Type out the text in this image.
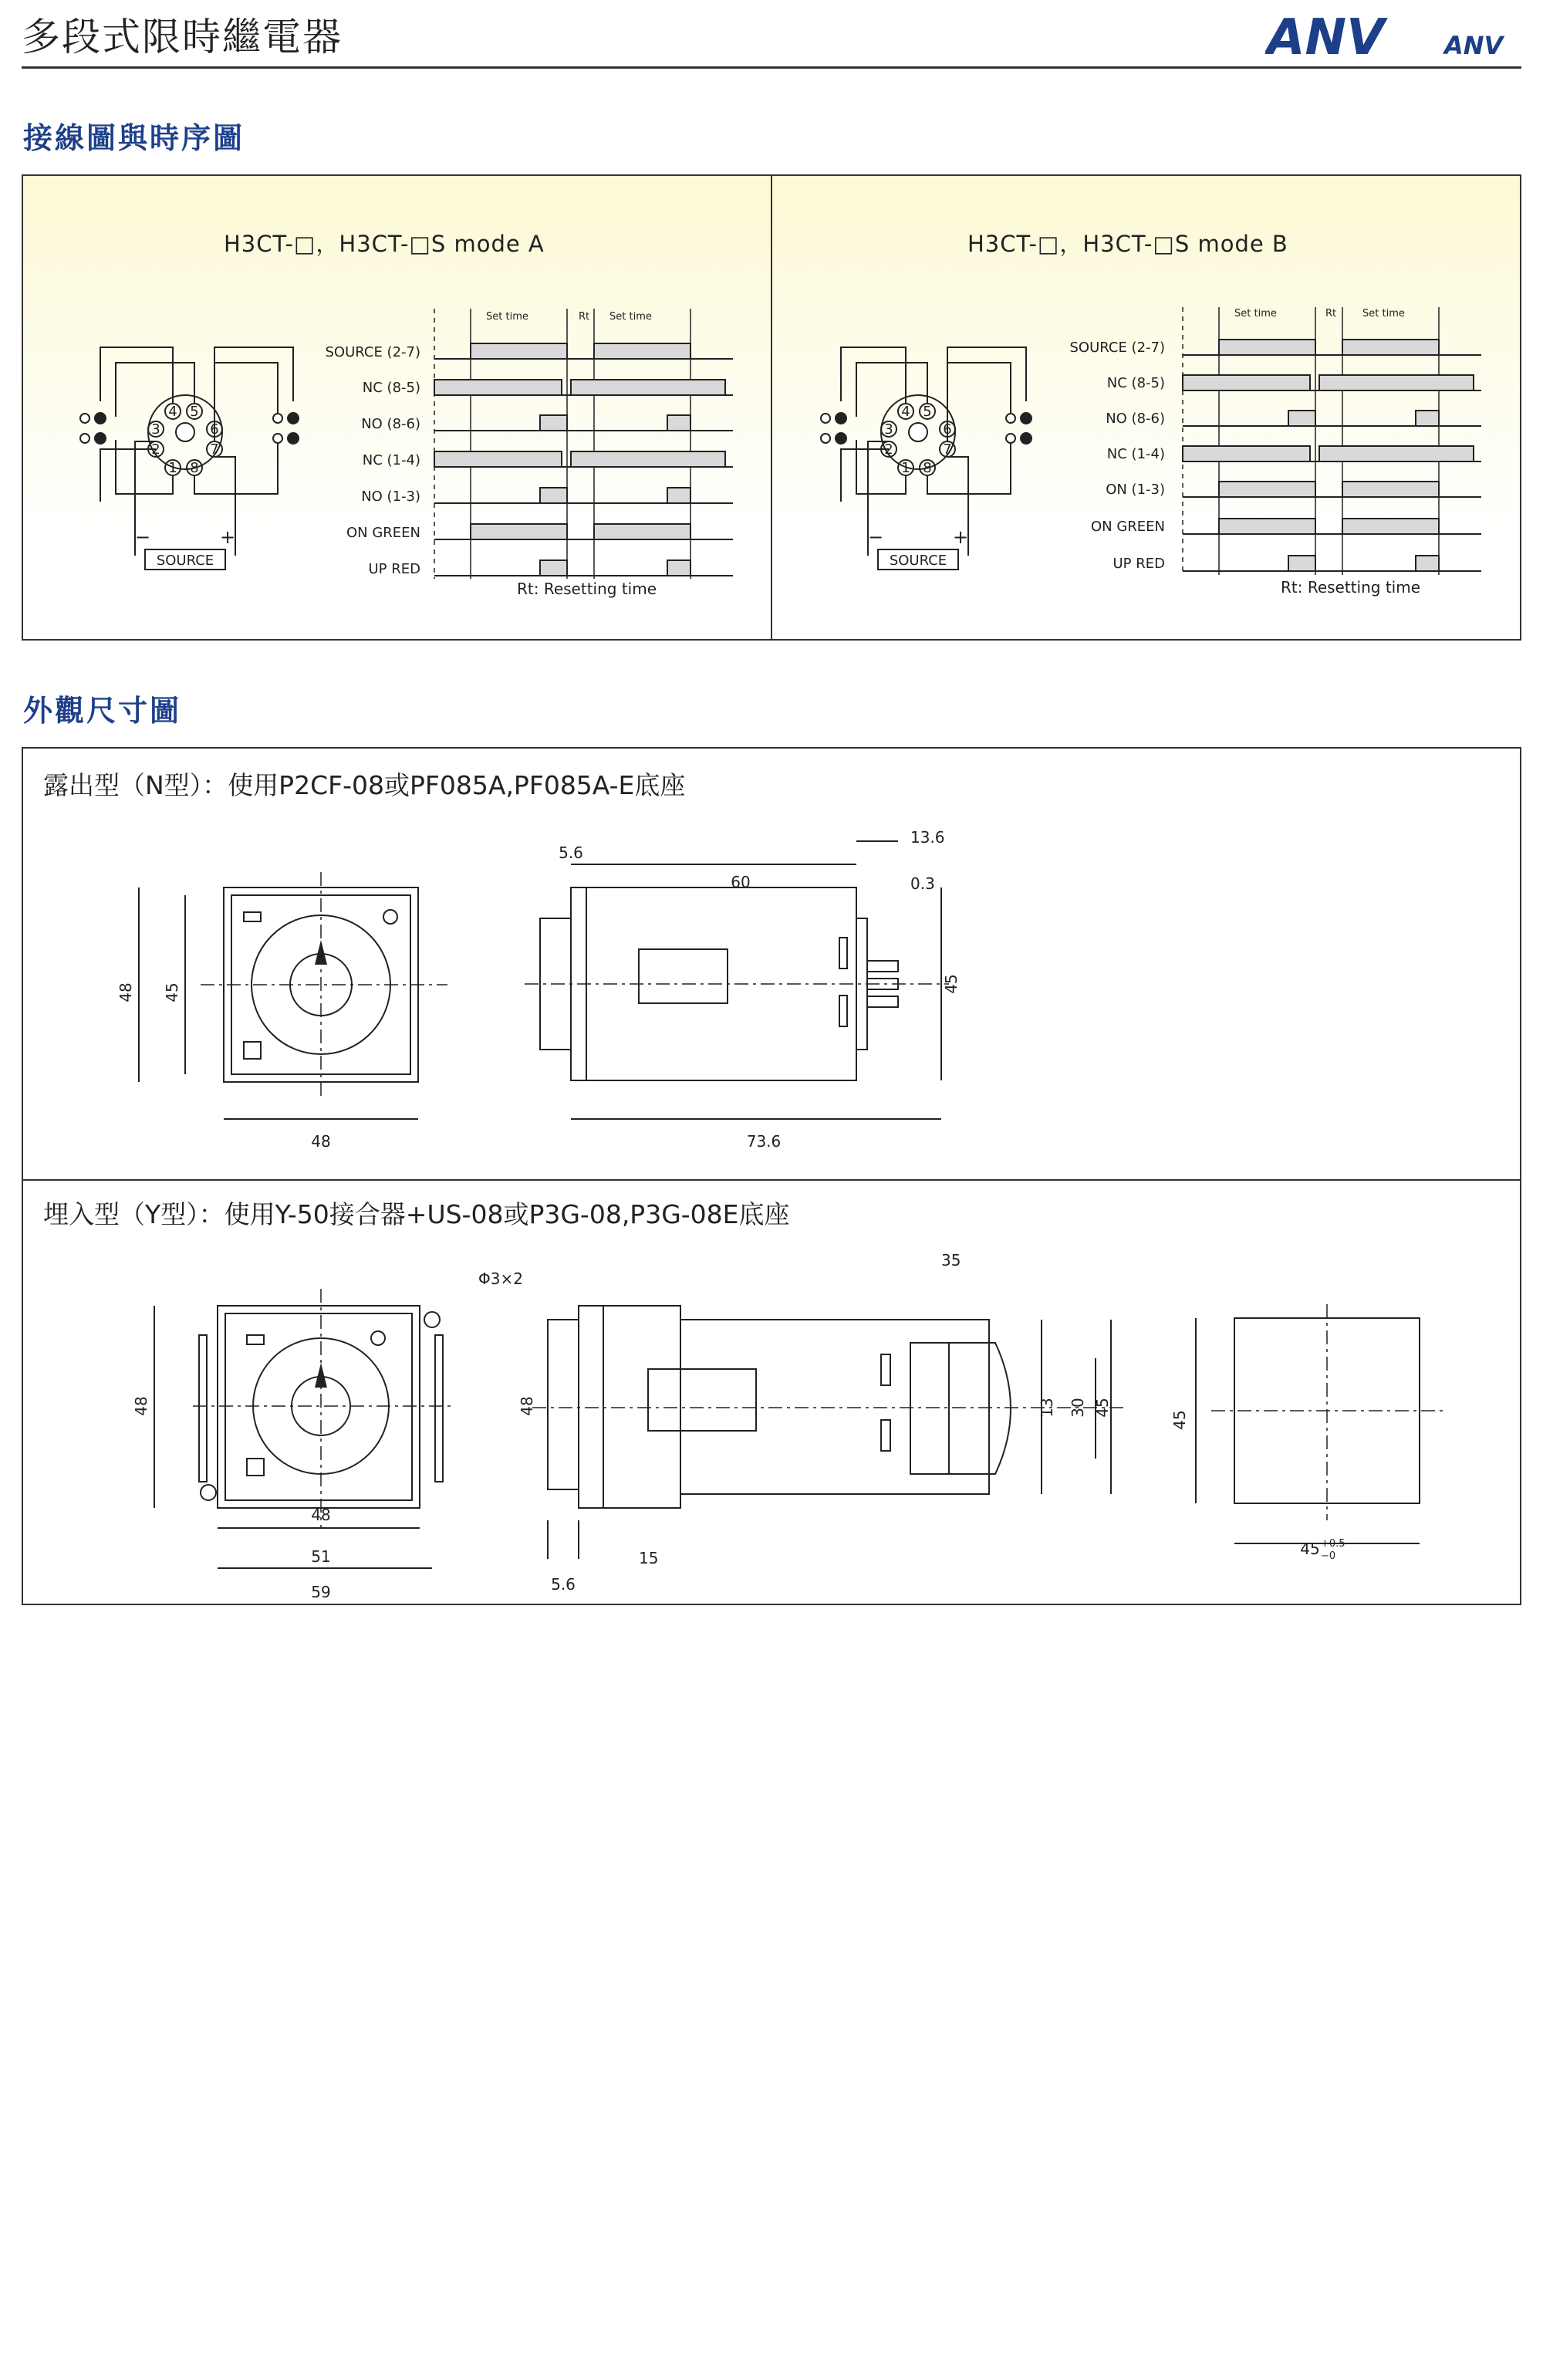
多段式限時繼電器	ANV ANV
接線圖與時序圖
H3CT-□，H3CT-□S mode A	H3CT-□，H3CT-□S mode B
4 5
3	6
2	7
1 8
−	+
SOURCE
SOURCE (2-7)
NC (8-5)
NO (8-6)
NC (1-4)
NO (1-3)
ON GREEN
UP RED
Set time	Rt Set time
Rt: Resetting time
4 5
3	6
2	7
1 8
−	+
SOURCE
SOURCE (2-7)
NC (8-5)
NO (8-6)
NC (1-4)
ON (1-3)
ON GREEN
UP RED
Set time	Rt	Set time
Rt: Resetting time
外觀尺寸圖
露出型（N型）：使用P2CF-08或PF085A,PF085A-E底座
埋入型（Y型）：使用Y-50接合器+US-08或P3G-08,P3G-08E底座
48 45
48
5.6
60
13.6
0.3
45
73.6
Φ3×2
48
48
51
59
48
35
13 30 45
15
5.6
45
45 +0.5
−0
